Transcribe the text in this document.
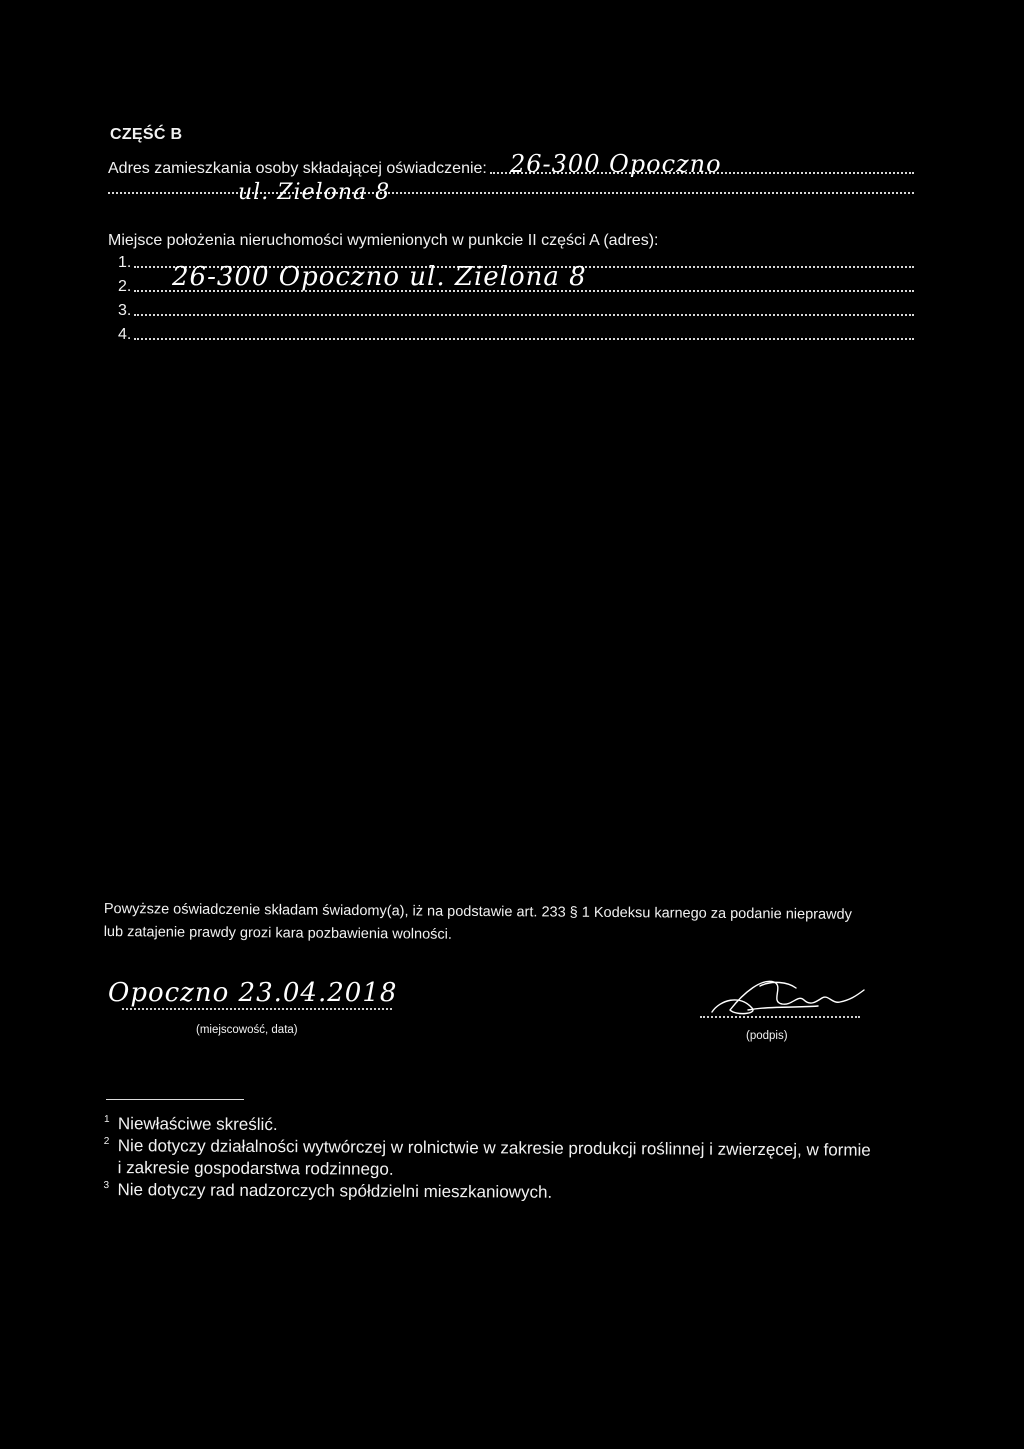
CZĘŚĆ B
Adres zamieszkania osoby składającej oświadczenie: 26-300 Opoczno
ul. Zielona 8
Miejsce położenia nieruchomości wymienionych w punkcie II części A (adres):
1.
2. 26-300 Opoczno ul. Zielona 8
3.
4.
Powyższe oświadczenie składam świadomy(a), iż na podstawie art. 233 § 1 Kodeksu karnego za podanie nieprawdy
lub zatajenie prawdy grozi kara pozbawienia wolności.
Opoczno 23.04.2018
(miejscowość, data)	(podpis)
1 Niewłaściwe skreślić.
2 Nie dotyczy działalności wytwórczej w rolnictwie w zakresie produkcji roślinnej i zwierzęcej, w formie
i zakresie gospodarstwa rodzinnego.
3 Nie dotyczy rad nadzorczych spółdzielni mieszkaniowych.
